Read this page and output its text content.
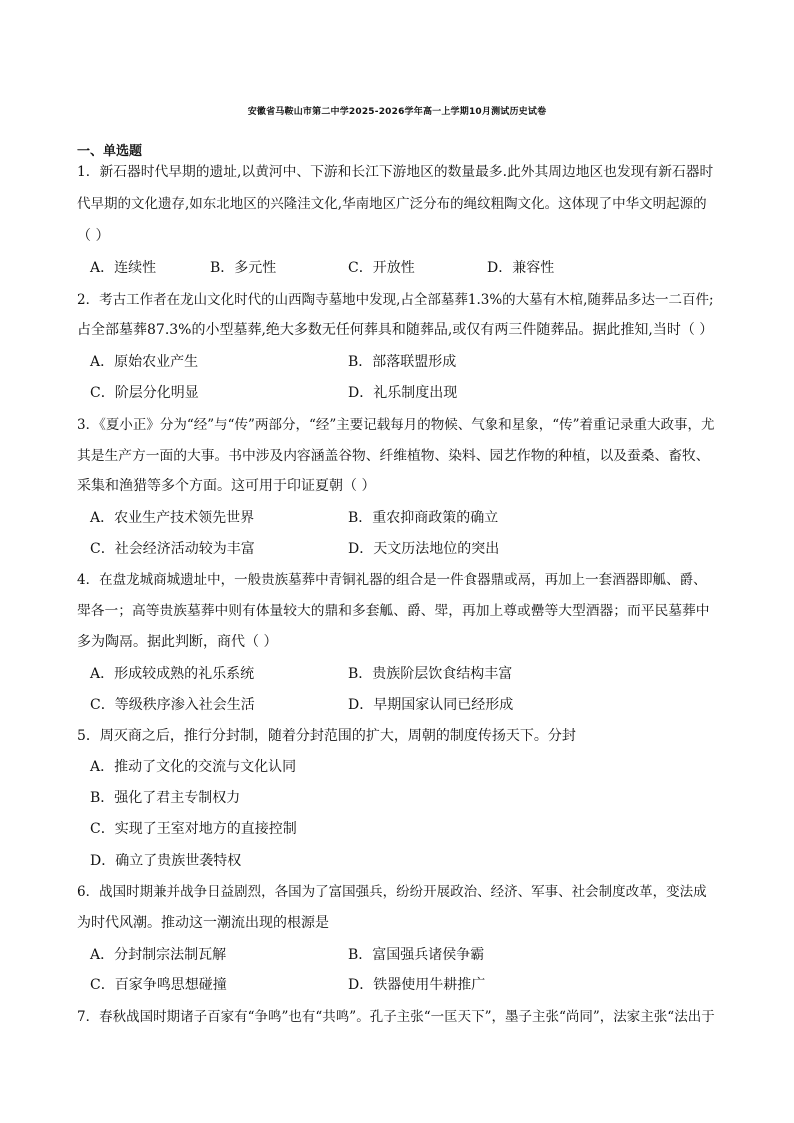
安徽省马鞍山市第二中学2025-2026学年高一上学期10月测试历史试卷
一、单选题
1．新石器时代早期的遗址,以黄河中、下游和长江下游地区的数量最多.此外其周边地区也发现有新石器时
代早期的文化遗存,如东北地区的兴隆洼文化,华南地区广泛分布的绳纹粗陶文化。这体现了中华文明起源的
（ ）
A．连续性	B．多元性	C．开放性	D．兼容性
2．考古工作者在龙山文化时代的山西陶寺墓地中发现,占全部墓葬1.3%的大墓有木棺,随葬品多达一二百件;
占全部墓葬87.3%的小型墓葬,绝大多数无任何葬具和随葬品,或仅有两三件随葬品。据此推知,当时（ ）
A．原始农业产生	B．部落联盟形成
C．阶层分化明显	D．礼乐制度出现
3．《夏小正》分为“经”与“传”两部分，“经”主要记载每月的物候、气象和星象，“传”着重记录重大政事，尤
其是生产方一面的大事。书中涉及内容涵盖谷物、纤维植物、染料、园艺作物的种植，以及蚕桑、畜牧、
采集和渔猎等多个方面。这可用于印证夏朝（ ）
A．农业生产技术领先世界	B．重农抑商政策的确立
C．社会经济活动较为丰富	D．天文历法地位的突出
4．在盘龙城商城遗址中，一般贵族墓葬中青铜礼器的组合是一件食器鼎或鬲，再加上一套酒器即觚、爵、
斝各一；高等贵族墓葬中则有体量较大的鼎和多套觚、爵、斝，再加上尊或罍等大型酒器；而平民墓葬中
多为陶鬲。据此判断，商代（ ）
A．形成较成熟的礼乐系统	B．贵族阶层饮食结构丰富
C．等级秩序渗入社会生活	D．早期国家认同已经形成
5．周灭商之后，推行分封制，随着分封范围的扩大，周朝的制度传扬天下。分封
A．推动了文化的交流与文化认同
B．强化了君主专制权力
C．实现了王室对地方的直接控制
D．确立了贵族世袭特权
6．战国时期兼并战争日益剧烈，各国为了富国强兵，纷纷开展政治、经济、军事、社会制度改革，变法成
为时代风潮。推动这一潮流出现的根源是
A．分封制宗法制瓦解	B．富国强兵诸侯争霸
C．百家争鸣思想碰撞	D．铁器使用牛耕推广
7．春秋战国时期诸子百家有“争鸣”也有“共鸣”。孔子主张“一匡天下”，墨子主张“尚同”，法家主张“法出于
